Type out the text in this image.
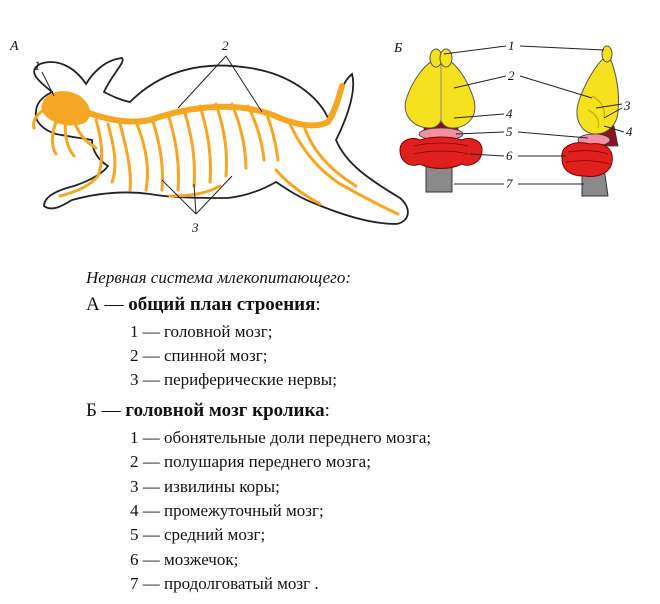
А
1
2
3
Б	1
2
3
4
4
5
6
7
Нервная система млекопитающего:
А — общий план строения:
1 — головной мозг;
2 — спинной мозг;
3 — периферические нервы;
Б — головной мозг кролика:
1 — обонятельные доли переднего мозга;
2 — полушария переднего мозга;
3 — извилины коры;
4 — промежуточный мозг;
5 — средний мозг;
6 — мозжечок;
7 — продолговатый мозг .
